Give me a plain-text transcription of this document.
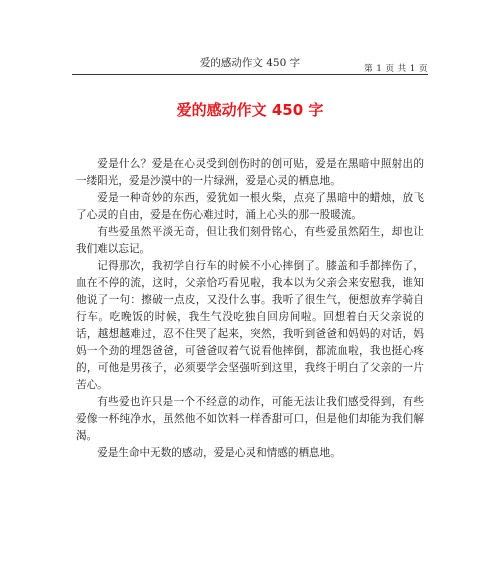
爱的感动作文 450 字	第 1 页 共 1 页
爱的感动作文 450 字

爱是什么？爱是在心灵受到创伤时的创可贴，爱是在黑暗中照射出的一缕阳光，爱是沙漠中的一片绿洲，爱是心灵的栖息地。

爱是一种奇妙的东西，爱犹如一根火柴，点亮了黑暗中的蜡烛，放飞了心灵的自由，爱是在伤心难过时，涌上心头的那一股暖流。

有些爱虽然平淡无奇，但让我们刻骨铭心，有些爱虽然陌生，却也让我们难以忘记。

记得那次，我初学自行车的时候不小心摔倒了。膝盖和手都摔伤了，血在不停的流，这时，父亲恰巧看见啦，我本以为父亲会来安慰我，谁知他说了一句：擦破一点皮，又没什么事。我听了很生气，便想放弃学骑自行车。吃晚饭的时候，我生气没吃独自回房间啦。回想着白天父亲说的话，越想越难过，忍不住哭了起来，突然，我听到爸爸和妈妈的对话，妈妈一个劲的埋怨爸爸，可爸爸叹着气说看他摔倒，都流血啦，我也挺心疼的，可他是男孩子，必须要学会坚强听到这里，我终于明白了父亲的一片苦心。

有些爱也许只是一个不经意的动作，可能无法让我们感受得到，有些爱像一杯纯净水，虽然他不如饮料一样香甜可口，但是他们却能为我们解渴。

爱是生命中无数的感动，爱是心灵和情感的栖息地。
